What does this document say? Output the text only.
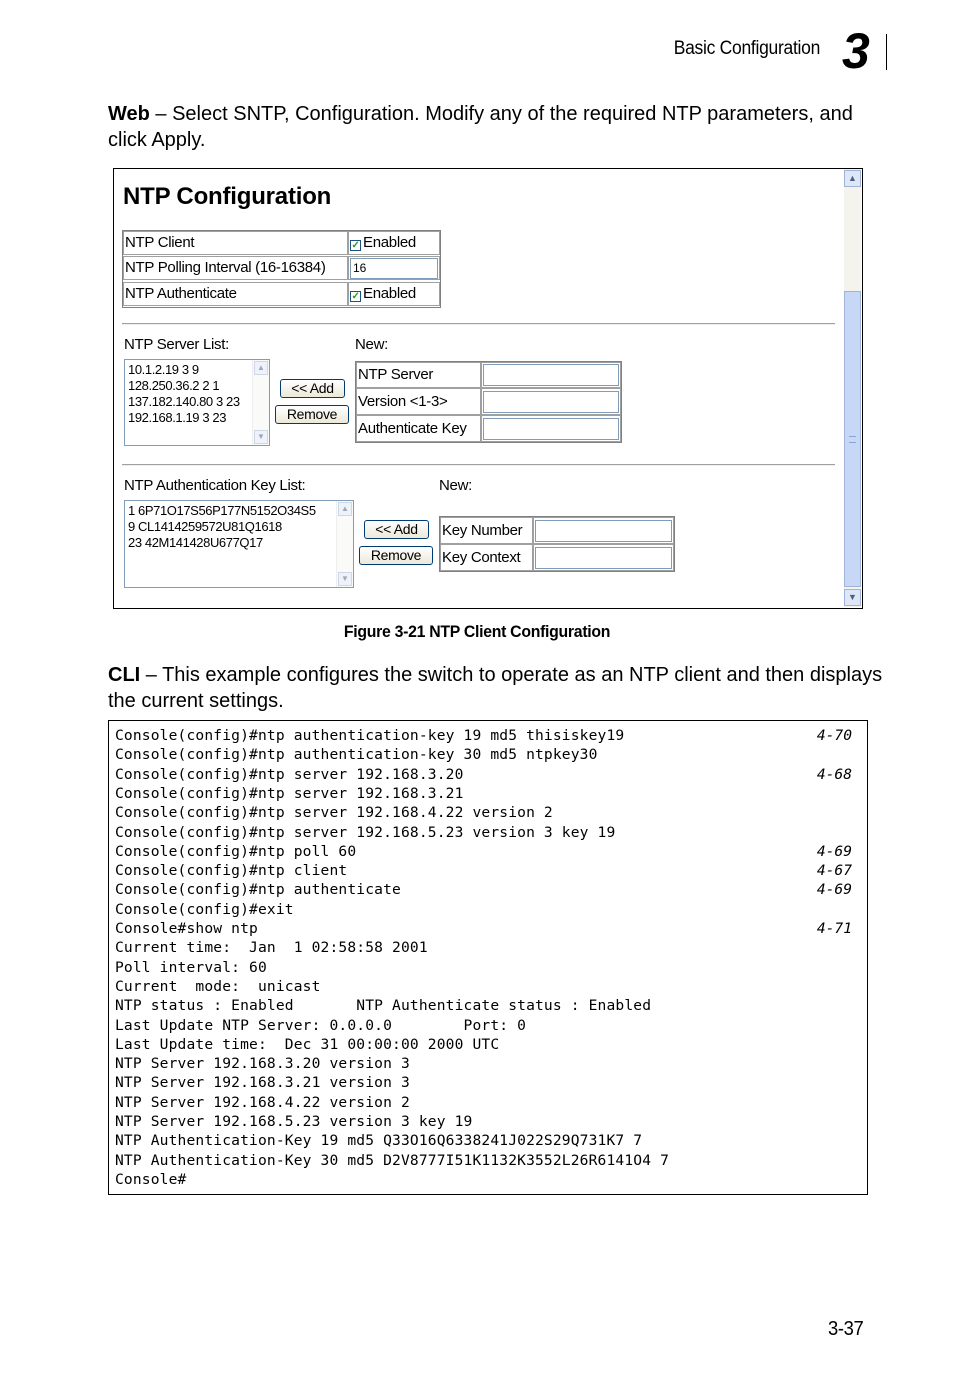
Basic Configuration 3
Web – Select SNTP, Configuration. Modify any of the required NTP parameters, and click Apply.
▲
▼
NTP Configuration
NTP Client	✓ Enabled
NTP Polling Interval (16-16384)	16
NTP Authenticate	✓ Enabled
NTP Server List:	New:
10.1.2.19 3 9
128.250.36.2 2 1
137.182.140.80 3 23
192.168.1.19 3 23
▲
▼
<< Add
Remove
NTP Server
Version <1-3>
Authenticate Key
NTP Authentication Key List:	New:
1 6P71O17S56P177N5152O34S5
9 CL1414259572U81Q1618
23 42M141428U677Q17
▲
▼
<< Add
Remove
Key Number
Key Context
Figure 3-21 NTP Client Configuration
CLI – This example configures the switch to operate as an NTP client and then displays the current settings.
Console(config)#ntp authentication-key 19 md5 thisiskey19	4-70
Console(config)#ntp authentication-key 30 md5 ntpkey30
Console(config)#ntp server 192.168.3.20	4-68
Console(config)#ntp server 192.168.3.21
Console(config)#ntp server 192.168.4.22 version 2
Console(config)#ntp server 192.168.5.23 version 3 key 19
Console(config)#ntp poll 60	4-69
Console(config)#ntp client	4-67
Console(config)#ntp authenticate	4-69
Console(config)#exit
Console#show ntp	4-71
Current time:  Jan  1 02:58:58 2001
Poll interval: 60
Current  mode:  unicast
NTP status : Enabled       NTP Authenticate status : Enabled
Last Update NTP Server: 0.0.0.0        Port: 0
Last Update time:  Dec 31 00:00:00 2000 UTC
NTP Server 192.168.3.20 version 3
NTP Server 192.168.3.21 version 3
NTP Server 192.168.4.22 version 2
NTP Server 192.168.5.23 version 3 key 19
NTP Authentication-Key 19 md5 Q33O16Q6338241J022S29Q731K7 7
NTP Authentication-Key 30 md5 D2V8777I51K1132K3552L26R6141O4 7
Console#
3-37
